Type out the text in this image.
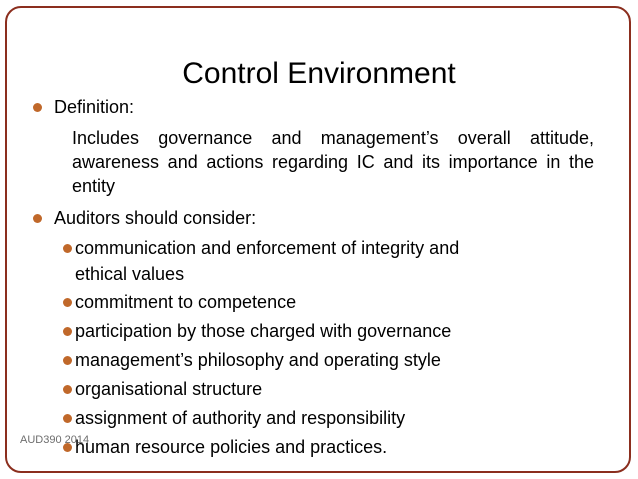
Control Environment
Definition:
Includes governance and management’s overall attitude, awareness and actions regarding IC and its importance in the entity
Auditors should consider:
communication and enforcement of integrity and
ethical values
commitment to competence
participation by those charged with governance
management’s philosophy and operating style
organisational structure
assignment of authority and responsibility
human resource policies and practices.
AUD390 2014
